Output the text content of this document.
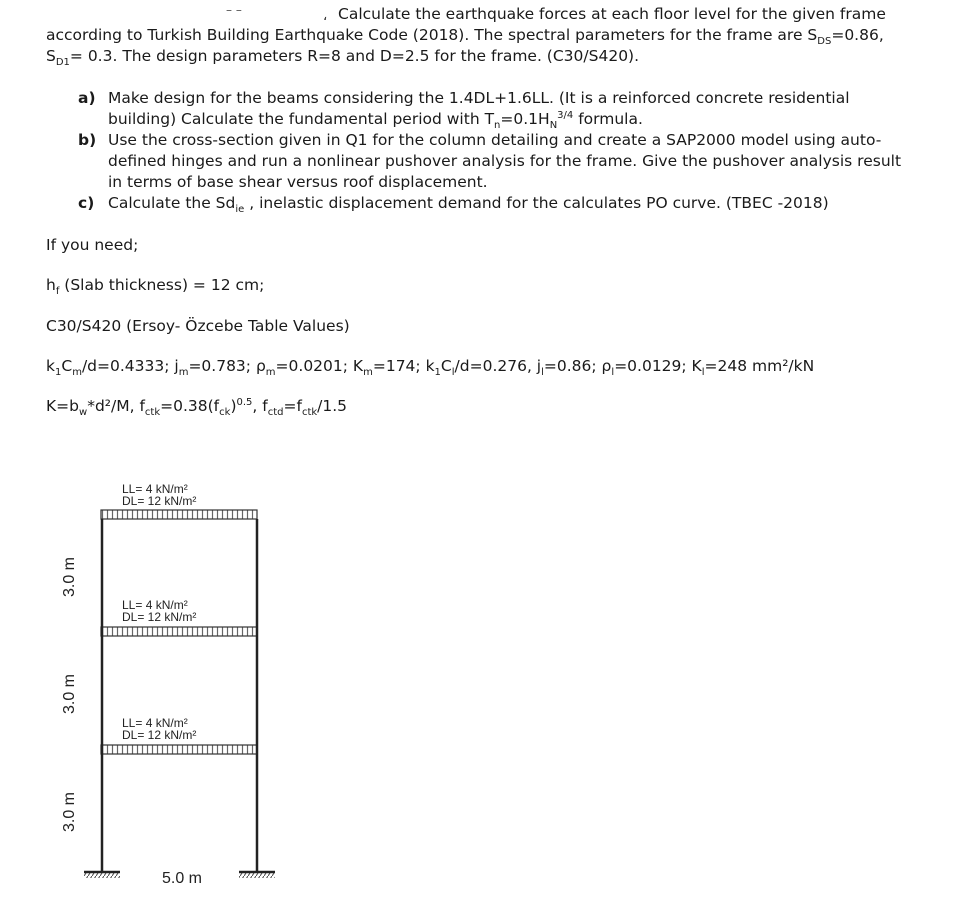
– –	، Calculate the earthquake forces at each floor level for the given frame
according to Turkish Building Earthquake Code (2018). The spectral parameters for the frame are $S_{DS}=0.86$,
$S_{D1}= 0.3$. The design parameters R=8 and D=2.5 for the frame. (C30/S420).
a) Make design for the beams considering the 1.4DL+1.6LL. (It is a reinforced concrete residential building) Calculate the fundamental period with $T_n=0.1H_N^{3/4}$ formula.
b) Use the cross-section given in Q1 for the column detailing and create a SAP2000 model using auto-defined hinges and run a nonlinear pushover analysis for the frame. Give the pushover analysis result in terms of base shear versus roof displacement.
c) Calculate the $Sd_{ie}$ , inelastic displacement demand for the calculates PO curve. (TBEC -2018)
If you need;
$h_f$ (Slab thickness) = 12 cm;
C30/S420 (Ersoy- Özcebe Table Values)
$k_1C_m/d=0.4333$; $j_m=0.783$; $\rho_m=0.0201$; $K_m=174$; $k_1C_l/d=0.276$, $j_l=0.86$; $\rho_l=0.0129$; $K_l=248$ mm²/kN
$K=b_w*d^2/M$, $f_{ctk}=0.38(f_{ck})^{0.5}$, $f_{ctd}=f_{ctk}/1.5$
LL= 4 kN/m²
DL= 12 kN/m²
LL= 4 kN/m²
DL= 12 kN/m²
LL= 4 kN/m²
DL= 12 kN/m²
3.0 m
3.0 m
3.0 m
5.0 m
